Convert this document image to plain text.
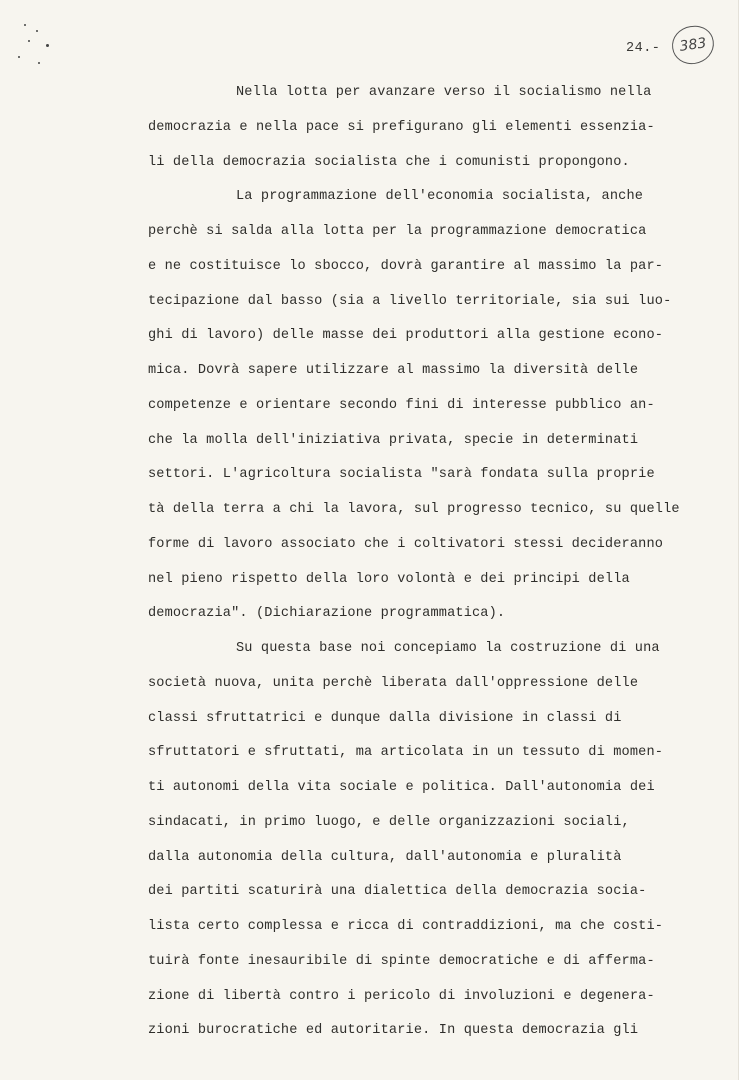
24.-	383
Nella lotta per avanzare verso il socialismo nella
democrazia e nella pace si prefigurano gli elementi essenzia-
li della democrazia socialista che i comunisti propongono.
La programmazione dell'economia socialista, anche
perchè si salda alla lotta per la programmazione democratica
e ne costituisce lo sbocco, dovrà garantire al massimo la par-
tecipazione dal basso (sia a livello territoriale, sia sui luo-
ghi di lavoro) delle masse dei produttori alla gestione econo-
mica. Dovrà sapere utilizzare al massimo la diversità delle
competenze e orientare secondo fini di interesse pubblico an-
che la molla dell'iniziativa privata, specie in determinati
settori. L'agricoltura socialista "sarà fondata sulla proprie
tà della terra a chi la lavora, sul progresso tecnico, su quelle
forme di lavoro associato che i coltivatori stessi decideranno
nel pieno rispetto della loro volontà e dei principi della
democrazia". (Dichiarazione programmatica).
Su questa base noi concepiamo la costruzione di una
società nuova, unita perchè liberata dall'oppressione delle
classi sfruttatrici e dunque dalla divisione in classi di
sfruttatori e sfruttati, ma articolata in un tessuto di momen-
ti autonomi della vita sociale e politica. Dall'autonomia dei
sindacati, in primo luogo, e delle organizzazioni sociali,
dalla autonomia della cultura, dall'autonomia e pluralità
dei partiti scaturirà una dialettica della democrazia socia-
lista certo complessa e ricca di contraddizioni, ma che costi-
tuirà fonte inesauribile di spinte democratiche e di afferma-
zione di libertà contro i pericolo di involuzioni e degenera-
zioni burocratiche ed autoritarie. In questa democrazia gli
